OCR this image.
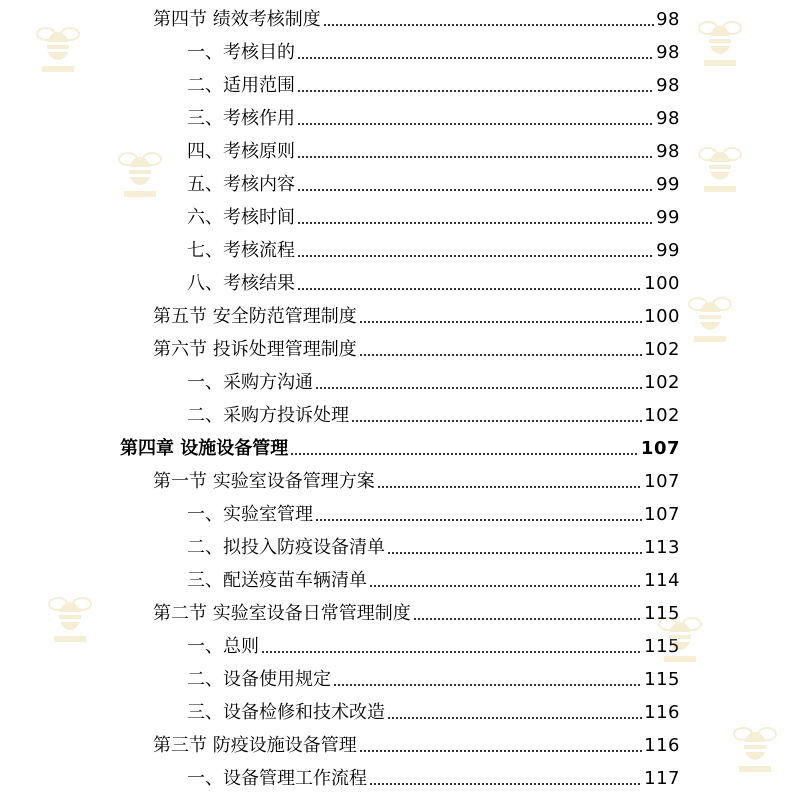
第四节 绩效考核制度	98
一、考核目的	98
二、适用范围	98
三、考核作用	98
四、考核原则	98
五、考核内容	99
六、考核时间	99
七、考核流程	99
八、考核结果	100
第五节 安全防范管理制度	100
第六节 投诉处理管理制度	102
一、采购方沟通	102
二、采购方投诉处理	102
第四章 设施设备管理	107
第一节 实验室设备管理方案	107
一、实验室管理	107
二、拟投入防疫设备清单	113
三、配送疫苗车辆清单	114
第二节 实验室设备日常管理制度	115
一、总则	115
二、设备使用规定	115
三、设备检修和技术改造	116
第三节 防疫设施设备管理	116
一、设备管理工作流程	117
